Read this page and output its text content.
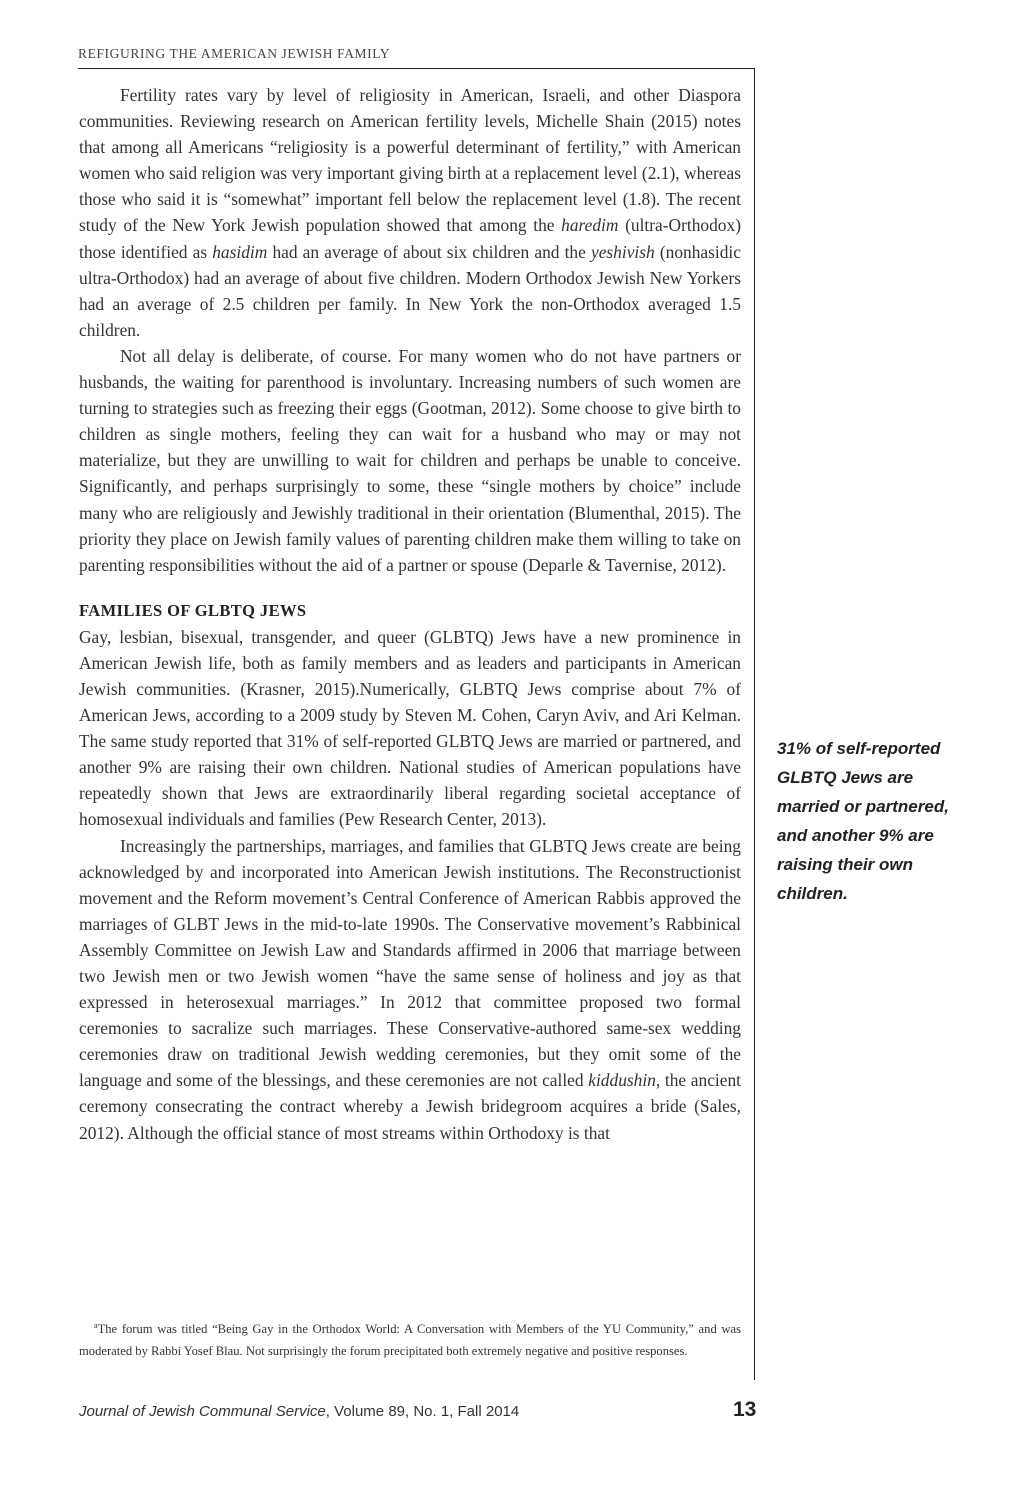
REFIGURING THE AMERICAN JEWISH FAMILY

Fertility rates vary by level of religiosity in American, Israeli, and other Diaspora communities. Reviewing research on American fertility levels, Michelle Shain (2015) notes that among all Americans “religiosity is a powerful determinant of fertility,” with American women who said religion was very important giving birth at a replacement level (2.1), whereas those who said it is “somewhat” important fell below the replacement level (1.8). The recent study of the New York Jewish population showed that among the haredim (ultra-Orthodox) those identified as hasidim had an average of about six children and the yeshivish (nonhasidic ultra-Orthodox) had an average of about five children. Modern Orthodox Jewish New Yorkers had an average of 2.5 children per family. In New York the non-Orthodox averaged 1.5 children.

Not all delay is deliberate, of course. For many women who do not have partners or husbands, the waiting for parenthood is involuntary. Increasing numbers of such women are turning to strategies such as freezing their eggs (Gootman, 2012). Some choose to give birth to children as single mothers, feeling they can wait for a husband who may or may not materialize, but they are unwilling to wait for children and perhaps be unable to conceive. Significantly, and perhaps surprisingly to some, these “single mothers by choice” include many who are religiously and Jewishly traditional in their orientation (Blumenthal, 2015). The priority they place on Jewish family values of parenting children make them willing to take on parenting responsibilities without the aid of a partner or spouse (Deparle & Tavernise, 2012).

FAMILIES OF GLBTQ JEWS

Gay, lesbian, bisexual, transgender, and queer (GLBTQ) Jews have a new prominence in American Jewish life, both as family members and as leaders and participants in American Jewish communities. (Krasner, 2015).Numerically, GLBTQ Jews comprise about 7% of American Jews, according to a 2009 study by Steven M. Cohen, Caryn Aviv, and Ari Kelman. The same study reported that 31% of self-reported GLBTQ Jews are married or partnered, and another 9% are raising their own children. National studies of American populations have repeatedly shown that Jews are extraordinarily liberal regarding societal acceptance of homosexual individuals and families (Pew Research Center, 2013).

Increasingly the partnerships, marriages, and families that GLBTQ Jews create are being acknowledged by and incorporated into American Jewish institutions. The Reconstructionist movement and the Reform movement’s Central Conference of American Rabbis approved the marriages of GLBT Jews in the mid-to-late 1990s. The Conservative movement’s Rabbinical Assembly Committee on Jewish Law and Standards affirmed in 2006 that marriage between two Jewish men or two Jewish women “have the same sense of holiness and joy as that expressed in heterosexual marriages.” In 2012 that committee proposed two formal ceremonies to sacralize such marriages. These Conservative-authored same-sex wedding ceremonies draw on traditional Jewish wedding ceremonies, but they omit some of the language and some of the blessings, and these ceremonies are not called kiddushin, the ancient ceremony consecrating the contract whereby a Jewish bridegroom acquires a bride (Sales, 2012). Although the official stance of most streams within Orthodoxy is that

31% of self-reported GLBTQ Jews are married or partnered, and another 9% are raising their own children.

$^a$The forum was titled “Being Gay in the Orthodox World: A Conversation with Members of the YU Community,” and was moderated by Rabbi Yosef Blau. Not surprisingly the forum precipitated both extremely negative and positive responses.

Journal of Jewish Communal Service, Volume 89, No. 1, Fall 2014	13
